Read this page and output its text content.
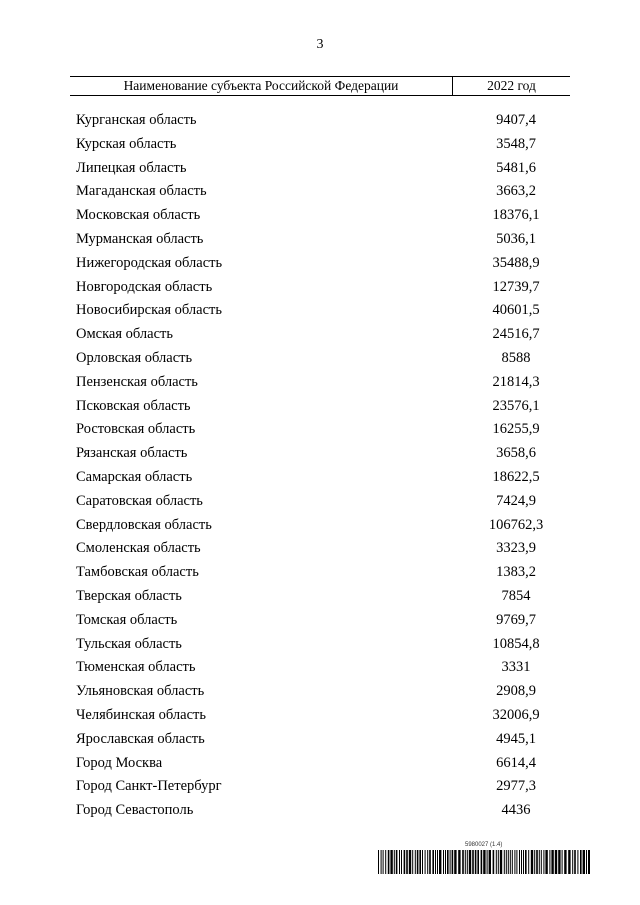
3
Наименование субъекта Российской Федерации	2022 год
Курганская область	9407,4
Курская область	3548,7
Липецкая область	5481,6
Магаданская область	3663,2
Московская область	18376,1
Мурманская область	5036,1
Нижегородская область	35488,9
Новгородская область	12739,7
Новосибирская область	40601,5
Омская область	24516,7
Орловская область	8588
Пензенская область	21814,3
Псковская область	23576,1
Ростовская область	16255,9
Рязанская область	3658,6
Самарская область	18622,5
Саратовская область	7424,9
Свердловская область	106762,3
Смоленская область	3323,9
Тамбовская область	1383,2
Тверская область	7854
Томская область	9769,7
Тульская область	10854,8
Тюменская область	3331
Ульяновская область	2908,9
Челябинская область	32006,9
Ярославская область	4945,1
Город Москва	6614,4
Город Санкт-Петербург	2977,3
Город Севастополь	4436
5980027 (1.4)
